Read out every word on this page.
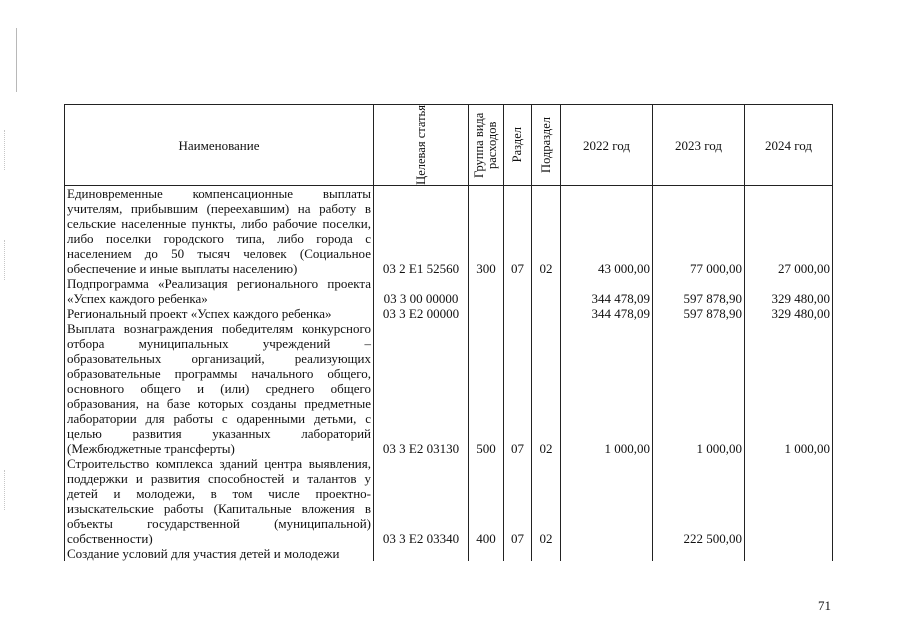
Наименование	Целевая статья	Группа вида расходов	Раздел	Подраздел	2022 год	2023 год	2024 год
Единовременные компенсационные выплаты учителям, прибывшим (переехавшим) на работу в сельские населенные пункты, либо рабочие поселки, либо поселки городского типа, либо города с населением до 50 тысяч человек (Социальное обеспечение и иные выплаты населению)	03 2 Е1 52560	300	07	02	43 000,00	77 000,00	27 000,00
Подпрограмма «Реализация регионального проекта «Успех каждого ребенка»	03 3 00 00000				344 478,09	597 878,90	329 480,00
Региональный проект «Успех каждого ребенка»	03 3 Е2 00000				344 478,09	597 878,90	329 480,00
Выплата вознаграждения победителям конкурсного отбора муниципальных учреждений – образовательных организаций, реализующих образовательные программы начального общего, основного общего и (или) среднего общего образования, на базе которых созданы предметные лаборатории для работы с одаренными детьми, с целью развития указанных лабораторий (Межбюджетные трансферты)	03 3 Е2 03130	500	07	02	1 000,00	1 000,00	1 000,00
Строительство комплекса зданий центра выявления, поддержки и развития способностей и талантов у детей и молодежи, в том числе проектно-изыскательские работы (Капитальные вложения в объекты государственной (муниципальной) собственности)	03 3 Е2 03340	400	07	02		222 500,00	
Создание условий для участия детей и молодежи							
71
